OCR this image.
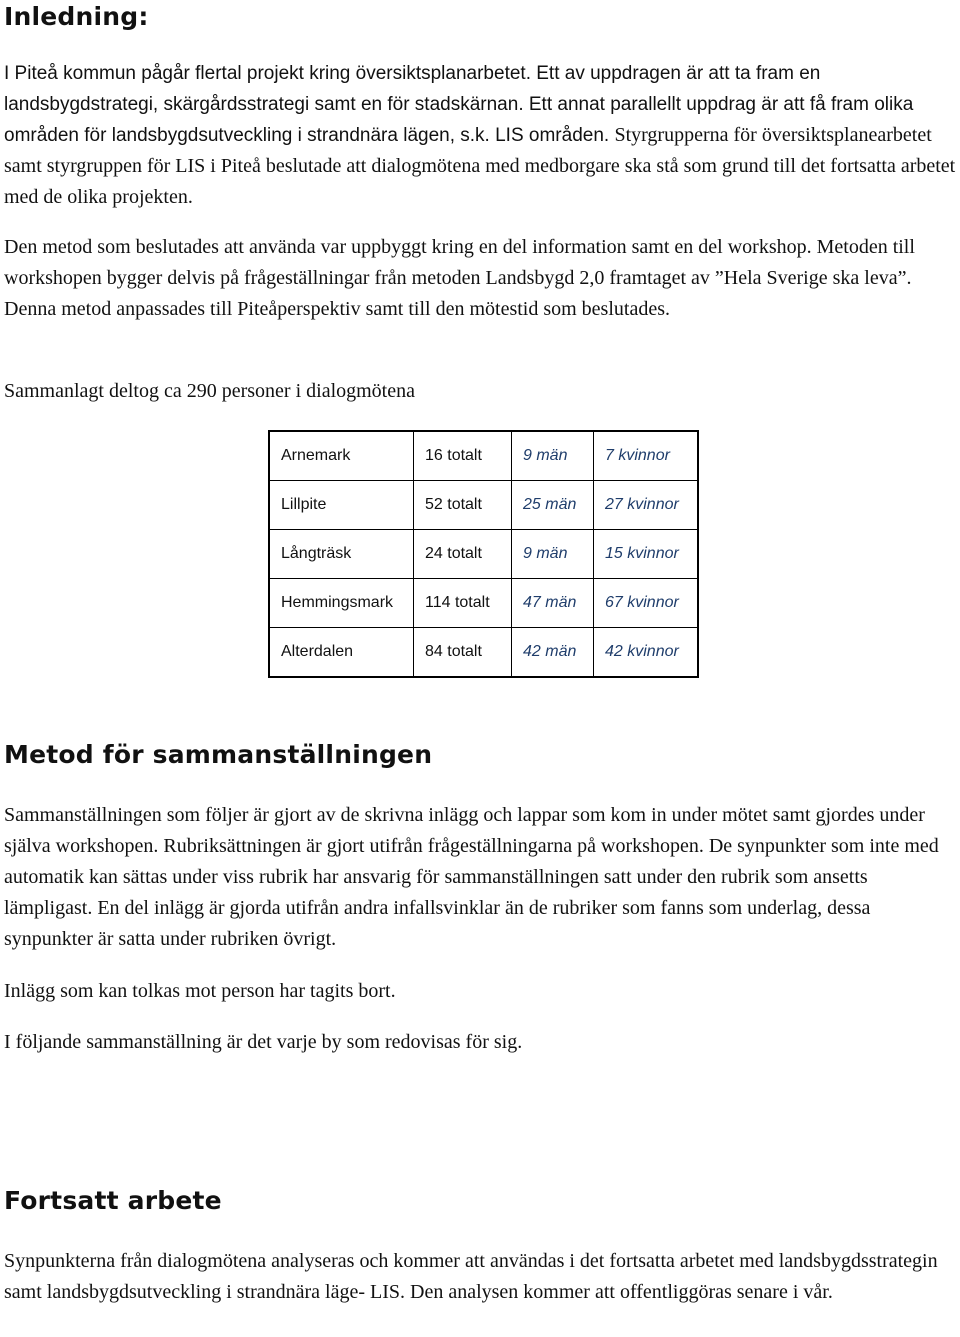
Inledning:

I Piteå kommun pågår flertal projekt kring översiktsplanarbetet. Ett av uppdragen är att ta fram en landsbygdstrategi, skärgårdsstrategi samt en för stadskärnan. Ett annat parallellt uppdrag är att få fram olika områden för landsbygdsutveckling i strandnära lägen, s.k. LIS områden. Styrgrupperna för översiktsplanearbetet samt styrgruppen för LIS i Piteå beslutade att dialogmötena med medborgare ska stå som grund till det fortsatta arbetet med de olika projekten.

Den metod som beslutades att använda var uppbyggt kring en del information samt en del workshop. Metoden till workshopen bygger delvis på frågeställningar från metoden Landsbygd 2,0 framtaget av ”Hela Sverige ska leva”. Denna metod anpassades till Piteåperspektiv samt till den mötestid som beslutades.

Sammanlagt deltog ca 290 personer i dialogmötena

Arnemark	16 totalt	9 män	7 kvinnor
Lillpite	52 totalt	25 män	27 kvinnor
Långträsk	24 totalt	9 män	15 kvinnor
Hemmingsmark	114 totalt	47 män	67 kvinnor
Alterdalen	84 totalt	42 män	42 kvinnor
Metod för sammanställningen

Sammanställningen som följer är gjort av de skrivna inlägg och lappar som kom in under mötet samt gjordes under själva workshopen. Rubriksättningen är gjort utifrån frågeställningarna på workshopen. De synpunkter som inte med automatik kan sättas under viss rubrik har ansvarig för sammanställningen satt under den rubrik som ansetts lämpligast. En del inlägg är gjorda utifrån andra infallsvinklar än de rubriker som fanns som underlag, dessa synpunkter är satta under rubriken övrigt.

Inlägg som kan tolkas mot person har tagits bort.

I följande sammanställning är det varje by som redovisas för sig.

Fortsatt arbete

Synpunkterna från dialogmötena analyseras och kommer att användas i det fortsatta arbetet med landsbygdsstrategin samt landsbygdsutveckling i strandnära läge- LIS. Den analysen kommer att offentliggöras senare i vår.
